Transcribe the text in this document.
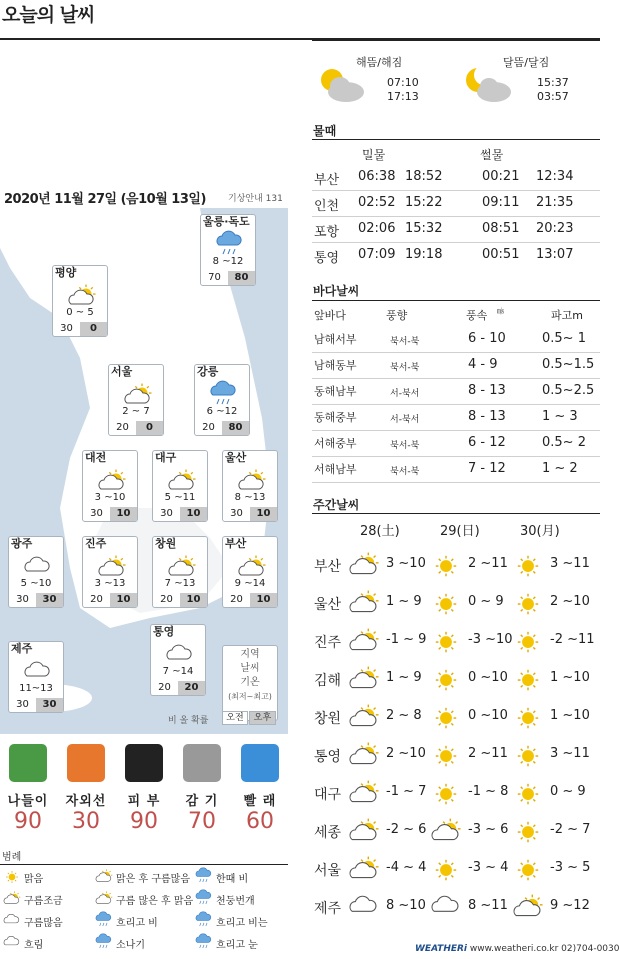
오늘의 날씨
2020년 11월 27일 (음10월 13일) 기상안내 131
울릉·독도
8 ~12
70	80
평양
0 ~ 5
30	0
서울
2 ~ 7
20	0
강릉
6 ~12
20	80
대전
3 ~10
30	10
대구
5 ~11
30	10
울산
8 ~13
30	10
광주
5 ~10
30	30
진주
3 ~13
20	10
창원
7 ~13
20	10
부산
9 ~14
20	10
통영
7 ~14
20	20
제주
11~13
30	30
지역
날씨
기온
(최저~최고)
비 올 확률	오전	오후
나들이
90
자외선
30
피 부
90
감 기
70
빨 래
60
범례
맑음
구름조금
구름많음
흐림
맑은 후 구름많음
구름 많은 후 맑음
흐리고 비
소나기
한때 비
천둥번개
흐리고 비는
흐리고 눈
해뜸/해짐
07:10
17:13
달뜸/달짐
15:37
03:57
물때
밀물	썰물
부산 06:38 18:52	00:21 12:34
인천 02:52 15:22	09:11 21:35
포항 02:06 15:32	08:51 20:23
통영 07:09 19:18	00:51 13:07
바다날씨
앞바다	풍향	풍속 ㎧	파고m
남해서부	북서-북	6 - 10	0.5~ 1
남해동부	북서-북	4 - 9	0.5~1.5
동해남부	서-북서	8 - 13	0.5~2.5
동해중부	서-북서	8 - 13	1 ~ 3
서해중부	북서-북	6 - 12	0.5~ 2
서해남부	북서-북	7 - 12	1 ~ 2
주간날씨
28(土)	29(日)	30(月)
부산	3 ~10	2 ~11	3 ~11
울산	1 ~ 9	0 ~ 9	2 ~10
진주	-1 ~ 9	-3 ~10	-2 ~11
김해	1 ~ 9	0 ~10	1 ~10
창원	2 ~ 8	0 ~10	1 ~10
통영	2 ~10	2 ~11	3 ~11
대구	-1 ~ 7	-1 ~ 8	0 ~ 9
세종	-2 ~ 6	-3 ~ 6	-2 ~ 7
서울	-4 ~ 4	-3 ~ 4	-3 ~ 5
제주	8 ~10	8 ~11	9 ~12
WEATHERi www.weatheri.co.kr 02)704-0030
